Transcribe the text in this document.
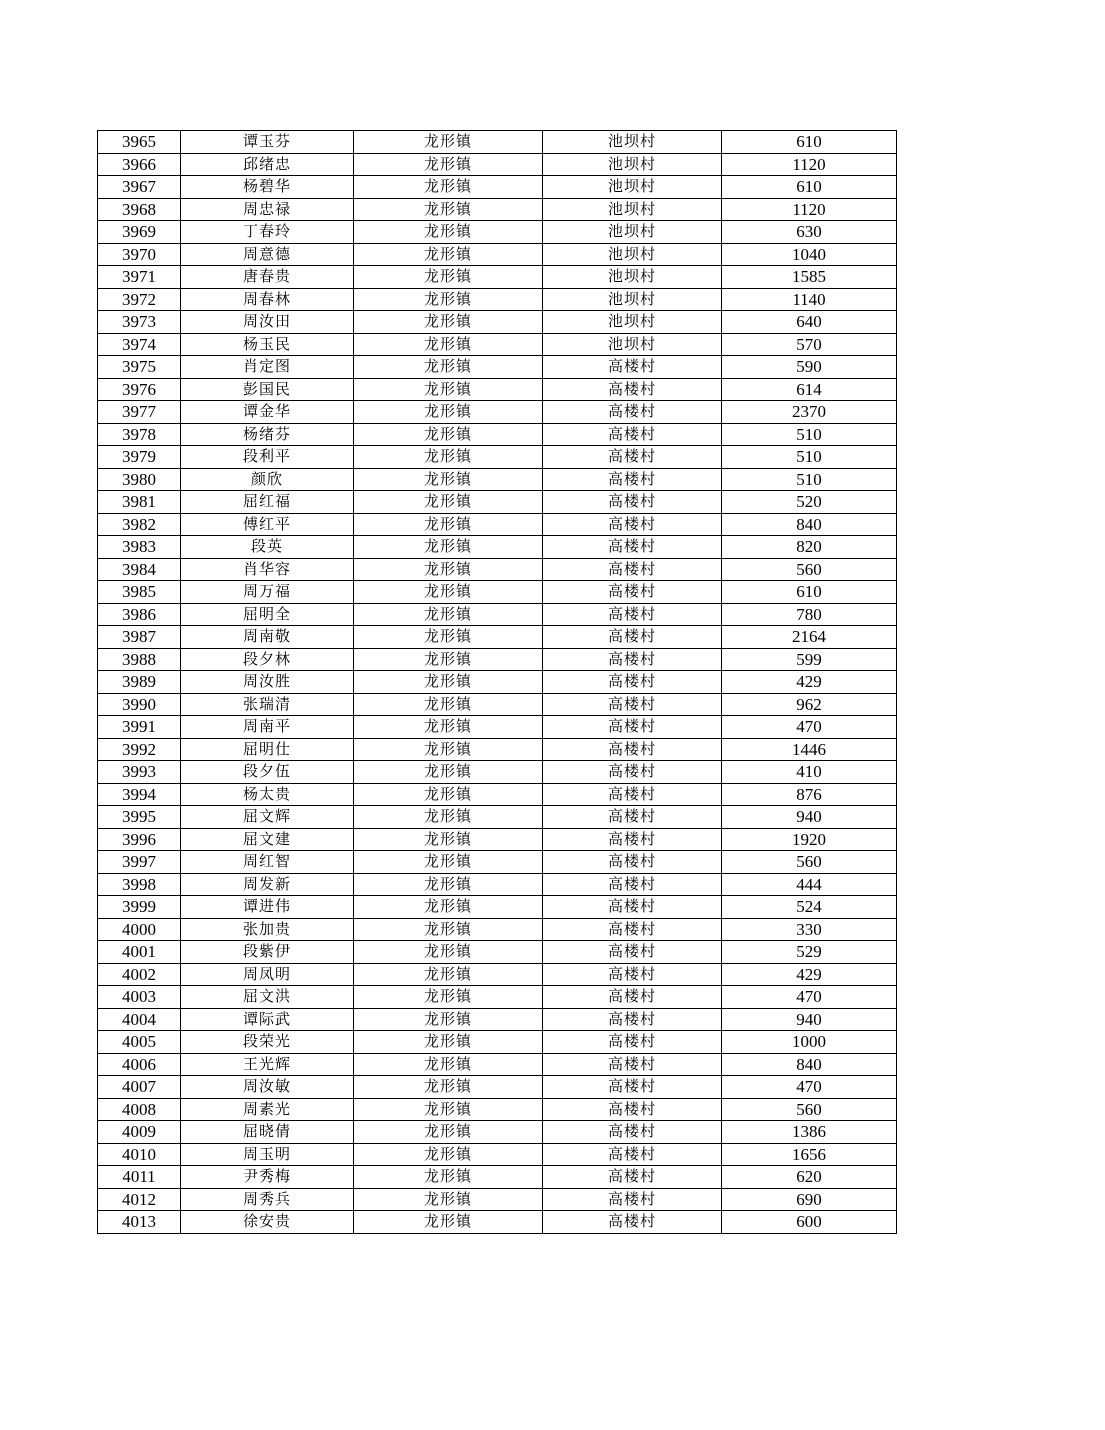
3965	谭玉芬	龙形镇	池坝村	610
3966	邱绪忠	龙形镇	池坝村	1120
3967	杨碧华	龙形镇	池坝村	610
3968	周忠禄	龙形镇	池坝村	1120
3969	丁春玲	龙形镇	池坝村	630
3970	周意德	龙形镇	池坝村	1040
3971	唐春贵	龙形镇	池坝村	1585
3972	周春林	龙形镇	池坝村	1140
3973	周汝田	龙形镇	池坝村	640
3974	杨玉民	龙形镇	池坝村	570
3975	肖定图	龙形镇	高楼村	590
3976	彭国民	龙形镇	高楼村	614
3977	谭金华	龙形镇	高楼村	2370
3978	杨绪芬	龙形镇	高楼村	510
3979	段利平	龙形镇	高楼村	510
3980	颜欣	龙形镇	高楼村	510
3981	屈红福	龙形镇	高楼村	520
3982	傅红平	龙形镇	高楼村	840
3983	段英	龙形镇	高楼村	820
3984	肖华容	龙形镇	高楼村	560
3985	周万福	龙形镇	高楼村	610
3986	屈明全	龙形镇	高楼村	780
3987	周南敬	龙形镇	高楼村	2164
3988	段夕林	龙形镇	高楼村	599
3989	周汝胜	龙形镇	高楼村	429
3990	张瑞清	龙形镇	高楼村	962
3991	周南平	龙形镇	高楼村	470
3992	屈明仕	龙形镇	高楼村	1446
3993	段夕伍	龙形镇	高楼村	410
3994	杨太贵	龙形镇	高楼村	876
3995	屈文辉	龙形镇	高楼村	940
3996	屈文建	龙形镇	高楼村	1920
3997	周红智	龙形镇	高楼村	560
3998	周发新	龙形镇	高楼村	444
3999	谭进伟	龙形镇	高楼村	524
4000	张加贵	龙形镇	高楼村	330
4001	段紫伊	龙形镇	高楼村	529
4002	周凤明	龙形镇	高楼村	429
4003	屈文洪	龙形镇	高楼村	470
4004	谭际武	龙形镇	高楼村	940
4005	段荣光	龙形镇	高楼村	1000
4006	王光辉	龙形镇	高楼村	840
4007	周汝敏	龙形镇	高楼村	470
4008	周素光	龙形镇	高楼村	560
4009	屈晓倩	龙形镇	高楼村	1386
4010	周玉明	龙形镇	高楼村	1656
4011	尹秀梅	龙形镇	高楼村	620
4012	周秀兵	龙形镇	高楼村	690
4013	徐安贵	龙形镇	高楼村	600
